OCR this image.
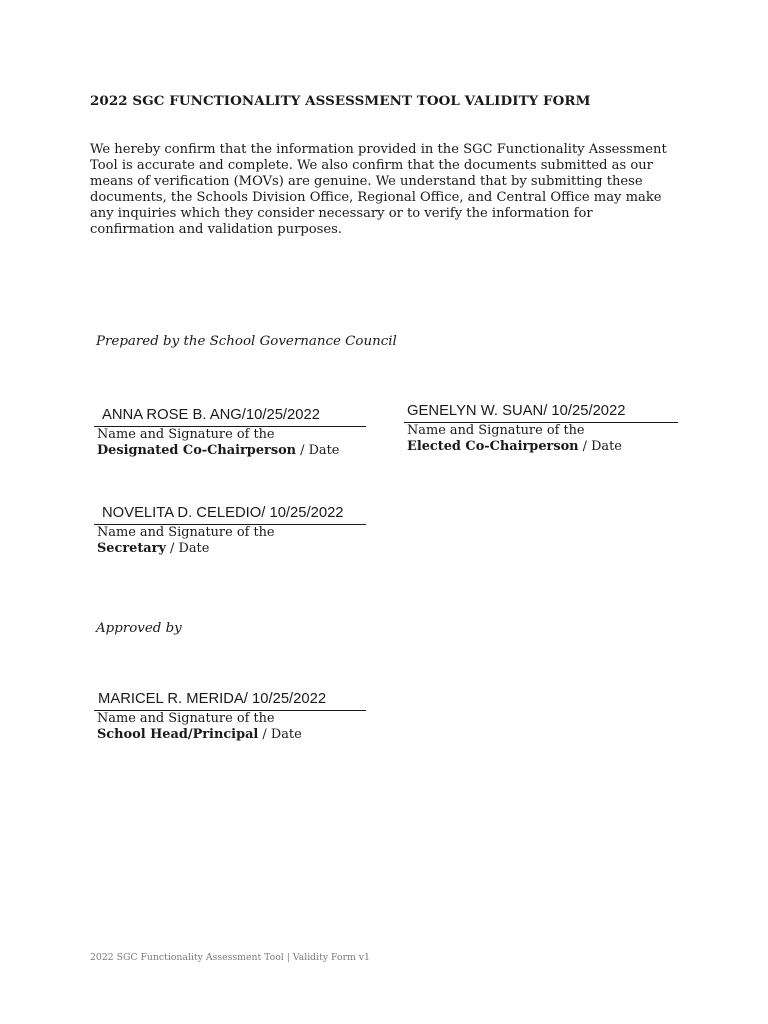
2022 SGC FUNCTIONALITY ASSESSMENT TOOL VALIDITY FORM
We hereby confirm that the information provided in the SGC Functionality Assessment
Tool is accurate and complete. We also confirm that the documents submitted as our
means of verification (MOVs) are genuine. We understand that by submitting these
documents, the Schools Division Office, Regional Office, and Central Office may make
any inquiries which they consider necessary or to verify the information for
confirmation and validation purposes.
Prepared by the School Governance Council
ANNA ROSE B. ANG/10/25/2022
Name and Signature of the
Designated Co-Chairperson / Date
GENELYN W. SUAN/ 10/25/2022
Name and Signature of the
Elected Co-Chairperson / Date
NOVELITA D. CELEDIO/ 10/25/2022
Name and Signature of the
Secretary / Date
Approved by
MARICEL R. MERIDA/ 10/25/2022
Name and Signature of the
School Head/Principal / Date
2022 SGC Functionality Assessment Tool | Validity Form v1
